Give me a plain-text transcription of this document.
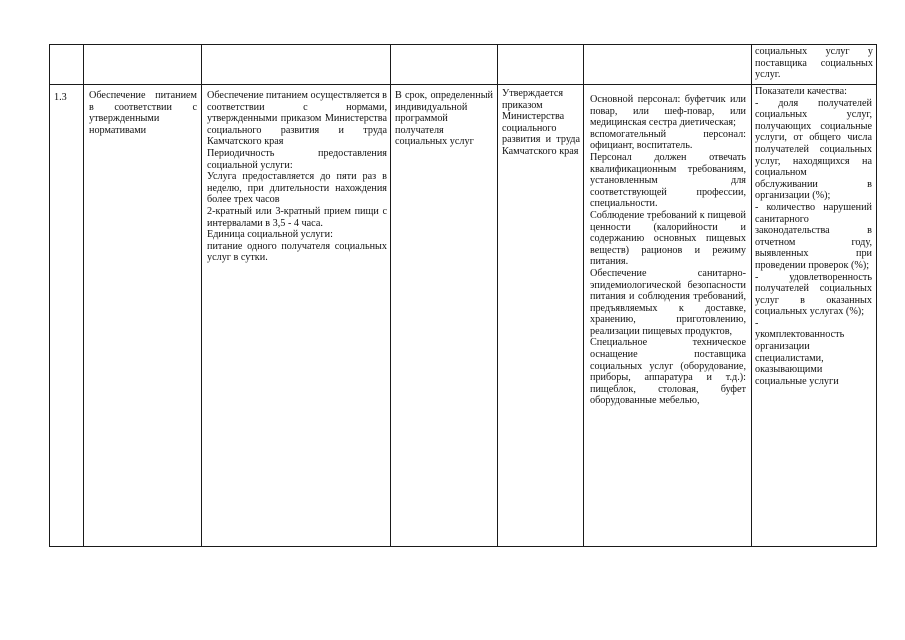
социальных услуг у поставщика социальных услуг.
1.3	Обеспечение питанием в соответствии с утвержденными нормативами
Обеспечение питанием осуществляется в соответствии с нормами, утвержденными приказом Министерства социального развития и труда Камчатского края
Периодичность предоставления социальной услуги:
Услуга предоставляется до пяти раз в неделю, при длительности нахождения более трех часов
2-кратный или 3-кратный прием пищи с интервалами в 3,5 - 4 часа.
Единица социальной услуги:
питание одного получателя социальных услуг в сутки.
В срок, определенный индивидуальной программой получателя социальных услуг
Утверждается приказом Министерства социального развития и труда Камчатского края
Основной персонал: буфетчик или повар, или шеф-повар, или медицинская сестра диетическая;
вспомогательный персонал: официант, воспитатель.
Персонал должен отвечать квалификационным требованиям, установленным для соответствующей профессии, специальности.
Соблюдение требований к пищевой ценности (калорийности и содержанию основных пищевых веществ) рационов и режиму питания.
Обеспечение санитарно-эпидемиологической безопасности питания и соблюдения требований, предъявляемых к доставке, хранению, приготовлению, реализации пищевых продуктов,
Специальное техническое оснащение поставщика социальных услуг (оборудование, приборы, аппаратура и т.д.): пищеблок, столовая, буфет оборудованные мебелью,
Показатели качества:
- доля получателей социальных услуг, получающих социальные услуги, от общего числа получателей социальных услуг, находящихся на социальном обслуживании в организации (%);
- количество нарушений санитарного законодательства в отчетном году, выявленных при проведении проверок (%);
- удовлетворенность получателей социальных услуг в оказанных социальных услугах (%);
-
укомплектованность организации специалистами, оказывающими социальные услуги
